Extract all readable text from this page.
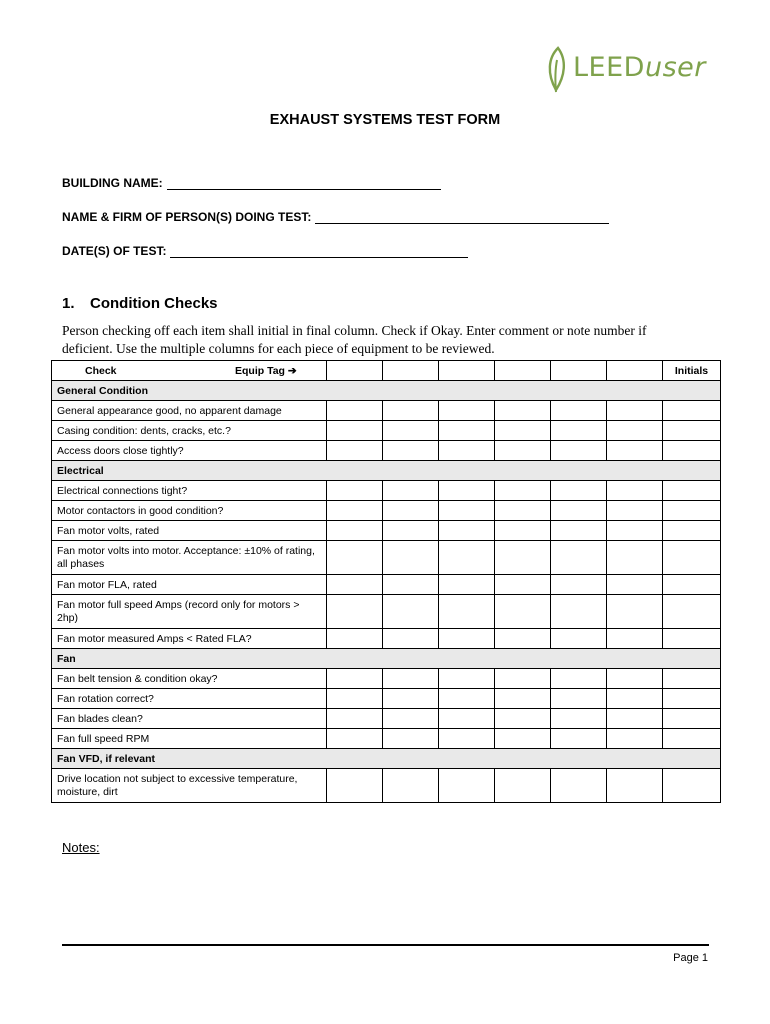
LEEDuser
EXHAUST SYSTEMS TEST FORM
BUILDING NAME:
NAME & FIRM OF PERSON(S) DOING TEST:
DATE(S) OF TEST:
1. Condition Checks
Person checking off each item shall initial in final column. Check if Okay. Enter comment or note number if deficient. Use the multiple columns for each piece of equipment to be reviewed.
Check Equip Tag ➔							Initials
General Condition							
General appearance good, no apparent damage							
Casing condition: dents, cracks, etc.?							
Access doors close tightly?							
Electrical							
Electrical connections tight?							
Motor contactors in good condition?							
Fan motor volts, rated							
Fan motor volts into motor. Acceptance: ±10% of rating, all phases							
Fan motor FLA, rated							
Fan motor full speed Amps (record only for motors > 2hp)							
Fan motor measured Amps < Rated FLA?							
Fan							
Fan belt tension & condition okay?							
Fan rotation correct?							
Fan blades clean?							
Fan full speed RPM							
Fan VFD, if relevant							
Drive location not subject to excessive temperature, moisture, dirt							
Notes:
Page 1
